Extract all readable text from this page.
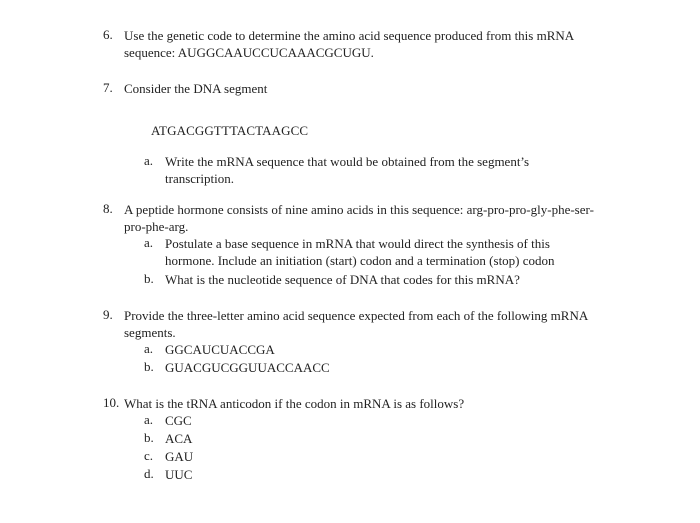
6. Use the genetic code to determine the amino acid sequence produced from this mRNA sequence: AUGGCAAUCCUCAAACGCUGU.
7. Consider the DNA segment
ATGACGGTTTACTAAGCC
a. Write the mRNA sequence that would be obtained from the segment’s transcription.
8. A peptide hormone consists of nine amino acids in this sequence: arg-pro-pro-gly-phe-ser-pro-phe-arg.
a. Postulate a base sequence in mRNA that would direct the synthesis of this hormone. Include an initiation (start) codon and a termination (stop) codon
b. What is the nucleotide sequence of DNA that codes for this mRNA?
9. Provide the three-letter amino acid sequence expected from each of the following mRNA segments.
a. GGCAUCUACCGA
b. GUACGUCGGUUACCAACC
10. What is the tRNA anticodon if the codon in mRNA is as follows?
a. CGC
b. ACA
c. GAU
d. UUC
